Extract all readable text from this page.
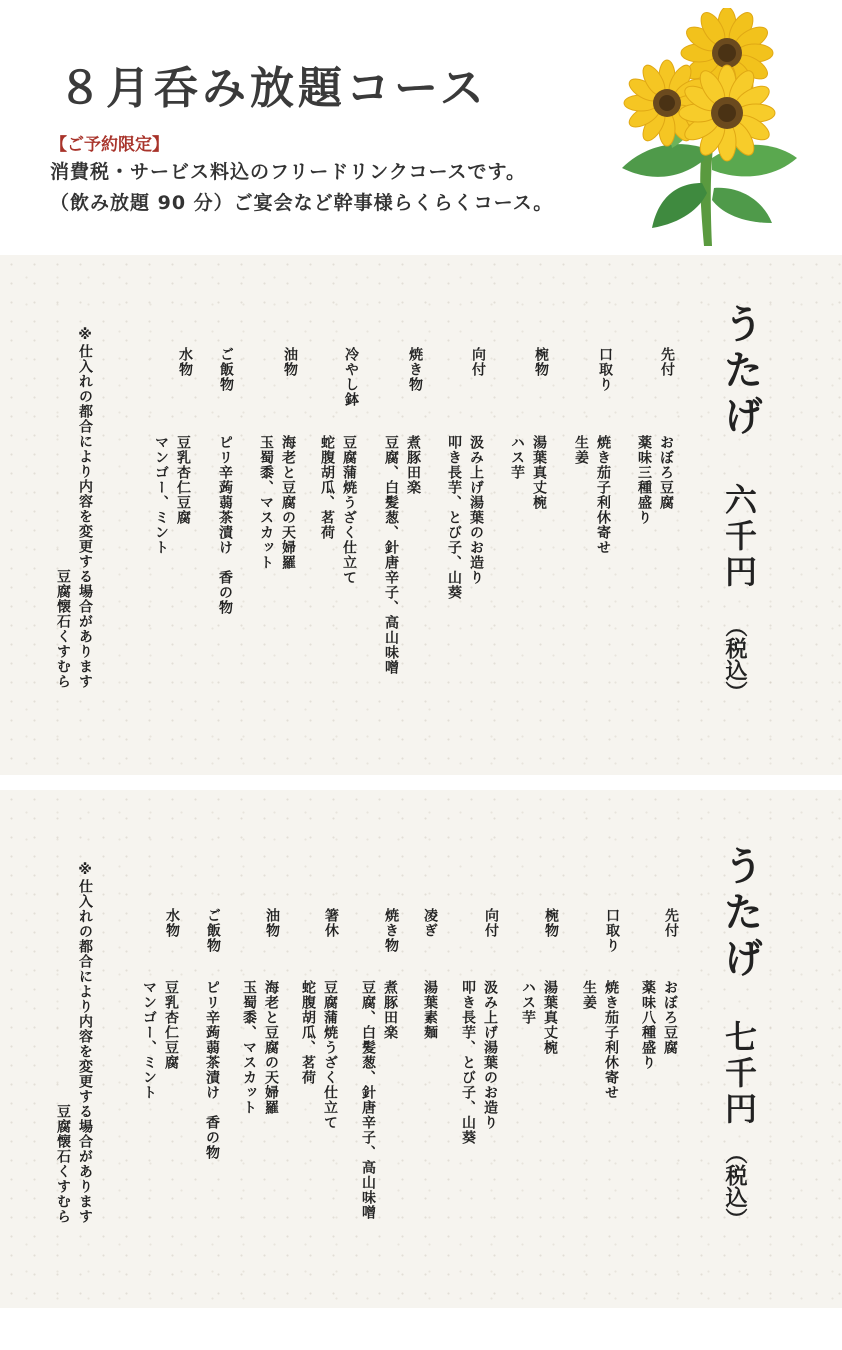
８月呑み放題コース
【ご予約限定】
消費税・サービス料込のフリードリンクコースです。
（飲み放題 90 分）ご宴会など幹事様らくらくコース。
うたげ
六千円
（税込）
先付
おぼろ豆腐
薬味三種盛り
口取り
焼き茄子利休寄せ
生姜
椀物
湯葉真丈椀
ハス芋
向付
汲み上げ湯葉のお造り
叩き長芋、とび子、山葵
焼き物
煮豚田楽
豆腐、白髪葱、針唐辛子、高山味噌
冷やし鉢
豆腐蒲焼うざく仕立て
蛇腹胡瓜、茗荷
油物
海老と豆腐の天婦羅
玉蜀黍、マスカット
ご飯物
ピリ辛蒟蒻茶漬け　香の物
水物
豆乳杏仁豆腐
マンゴー、ミント
※仕入れの都合により内容を変更する場合があります
豆腐懐石くすむら
うたげ
七千円
（税込）
先付
おぼろ豆腐
薬味八種盛り
口取り
焼き茄子利休寄せ
生姜
椀物
湯葉真丈椀
ハス芋
向付
汲み上げ湯葉のお造り
叩き長芋、とび子、山葵
凌ぎ
湯葉素麺
焼き物
煮豚田楽
豆腐、白髪葱、針唐辛子、高山味噌
箸休
豆腐蒲焼うざく仕立て
蛇腹胡瓜、茗荷
油物
海老と豆腐の天婦羅
玉蜀黍、マスカット
ご飯物
ピリ辛蒟蒻茶漬け　香の物
水物
豆乳杏仁豆腐
マンゴー、ミント
※仕入れの都合により内容を変更する場合があります
豆腐懐石くすむら
